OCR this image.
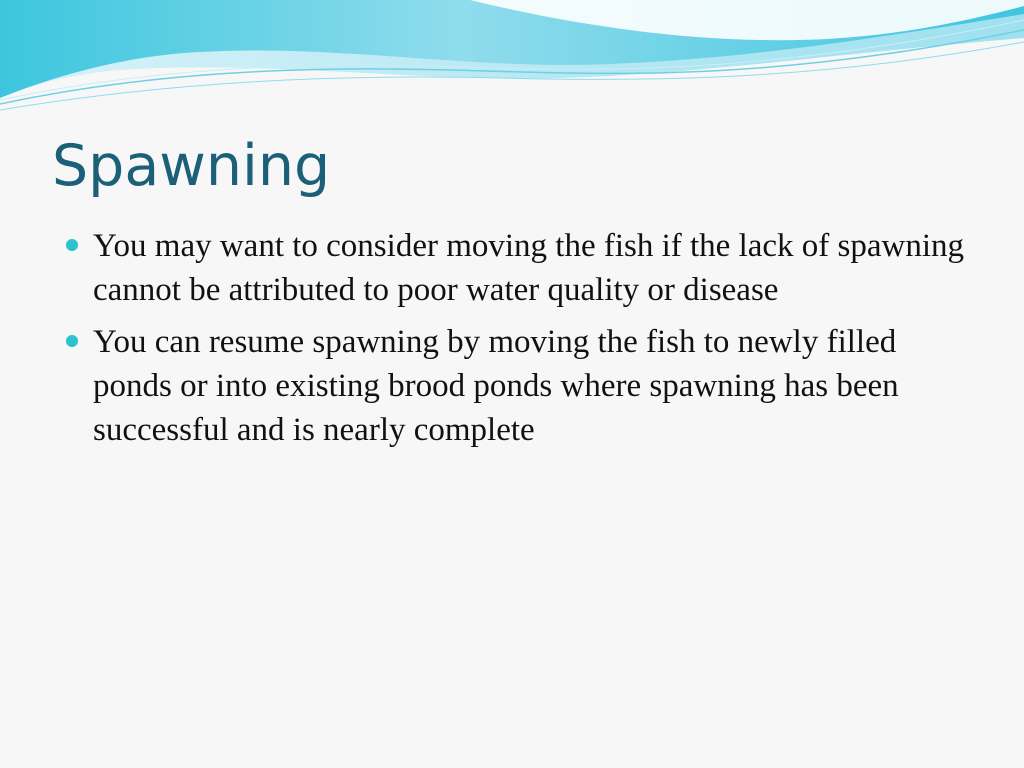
Spawning
You may want to consider moving the fish if the lack of spawning cannot be attributed to poor water quality or disease
You can resume spawning by moving the fish to newly filled ponds or into existing brood ponds where spawning has been successful and is nearly complete
